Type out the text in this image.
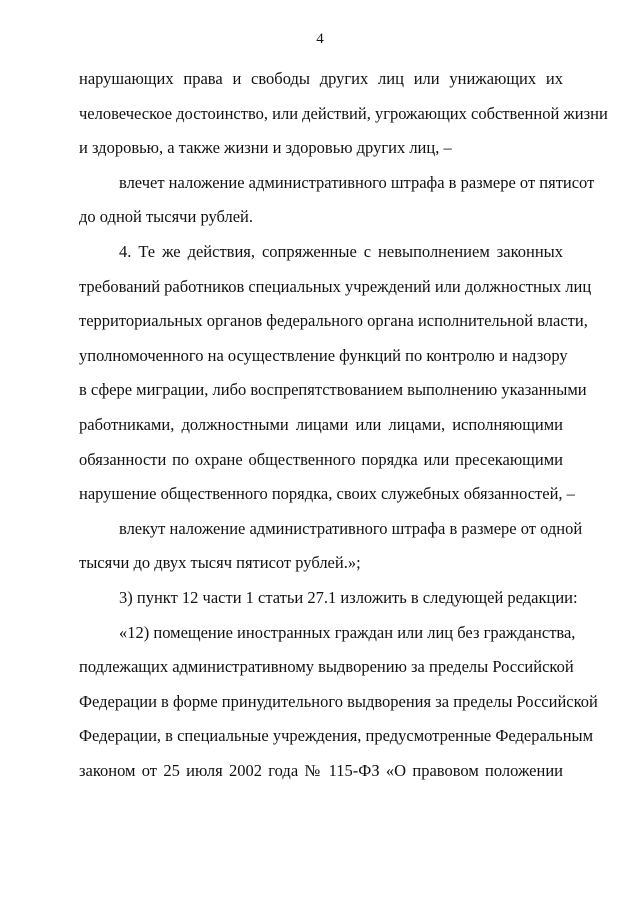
4
нарушающих права и свободы других лиц или унижающих их
человеческое достоинство, или действий, угрожающих собственной жизни
и здоровью, а также жизни и здоровью других лиц, –
влечет наложение административного штрафа в размере от пятисот
до одной тысячи рублей.
4. Те же действия, сопряженные с невыполнением законных
требований работников специальных учреждений или должностных лиц
территориальных органов федерального органа исполнительной власти,
уполномоченного на осуществление функций по контролю и надзору
в сфере миграции, либо воспрепятствованием выполнению указанными
работниками, должностными лицами или лицами, исполняющими
обязанности по охране общественного порядка или пресекающими
нарушение общественного порядка, своих служебных обязанностей, –
влекут наложение административного штрафа в размере от одной
тысячи до двух тысяч пятисот рублей.»;
3) пункт 12 части 1 статьи 27.1 изложить в следующей редакции:
«12) помещение иностранных граждан или лиц без гражданства,
подлежащих административному выдворению за пределы Российской
Федерации в форме принудительного выдворения за пределы Российской
Федерации, в специальные учреждения, предусмотренные Федеральным
законом от 25 июля 2002 года № 115-ФЗ «О правовом положении
